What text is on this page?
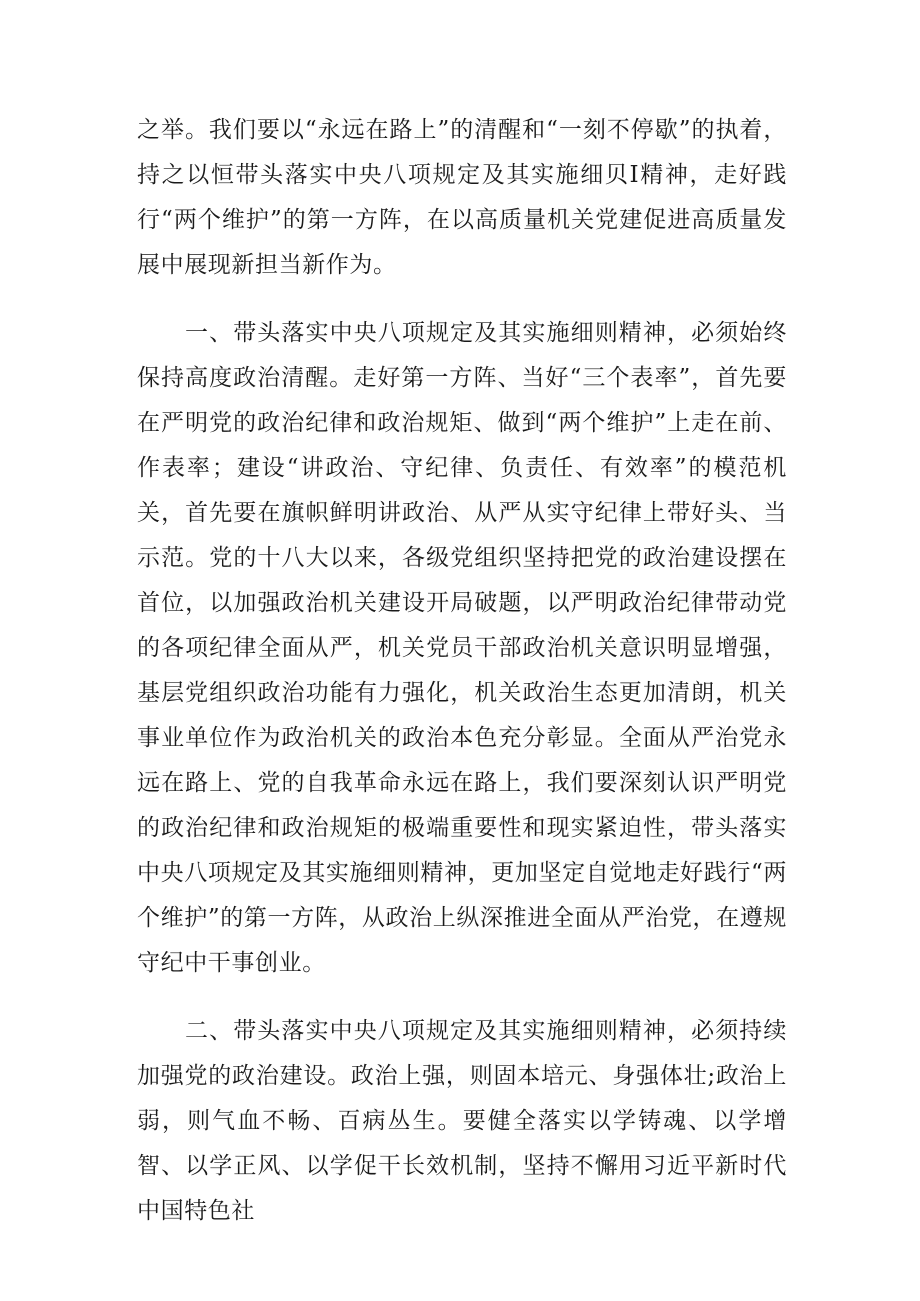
之举。我们要以“永远在路上”的清醒和“一刻不停歇”的执着，持之以恒带头落实中央八项规定及其实施细贝I精神，走好践行“两个维护”的第一方阵，在以高质量机关党建促进高质量发展中展现新担当新作为。

一、带头落实中央八项规定及其实施细则精神，必须始终保持高度政治清醒。走好第一方阵、当好“三个表率”，首先要在严明党的政治纪律和政治规矩、做到“两个维护”上走在前、作表率；建设“讲政治、守纪律、负责任、有效率”的模范机关，首先要在旗帜鲜明讲政治、从严从实守纪律上带好头、当示范。党的十八大以来，各级党组织坚持把党的政治建设摆在首位，以加强政治机关建设开局破题，以严明政治纪律带动党的各项纪律全面从严，机关党员干部政治机关意识明显增强，基层党组织政治功能有力强化，机关政治生态更加清朗，机关事业单位作为政治机关的政治本色充分彰显。全面从严治党永远在路上、党的自我革命永远在路上，我们要深刻认识严明党的政治纪律和政治规矩的极端重要性和现实紧迫性，带头落实中央八项规定及其实施细则精神，更加坚定自觉地走好践行“两个维护”的第一方阵，从政治上纵深推进全面从严治党，在遵规守纪中干事创业。

二、带头落实中央八项规定及其实施细则精神，必须持续加强党的政治建设。政治上强，则固本培元、身强体壮;政治上弱，则气血不畅、百病丛生。要健全落实以学铸魂、以学增智、以学正风、以学促干长效机制，坚持不懈用习近平新时代中国特色社
